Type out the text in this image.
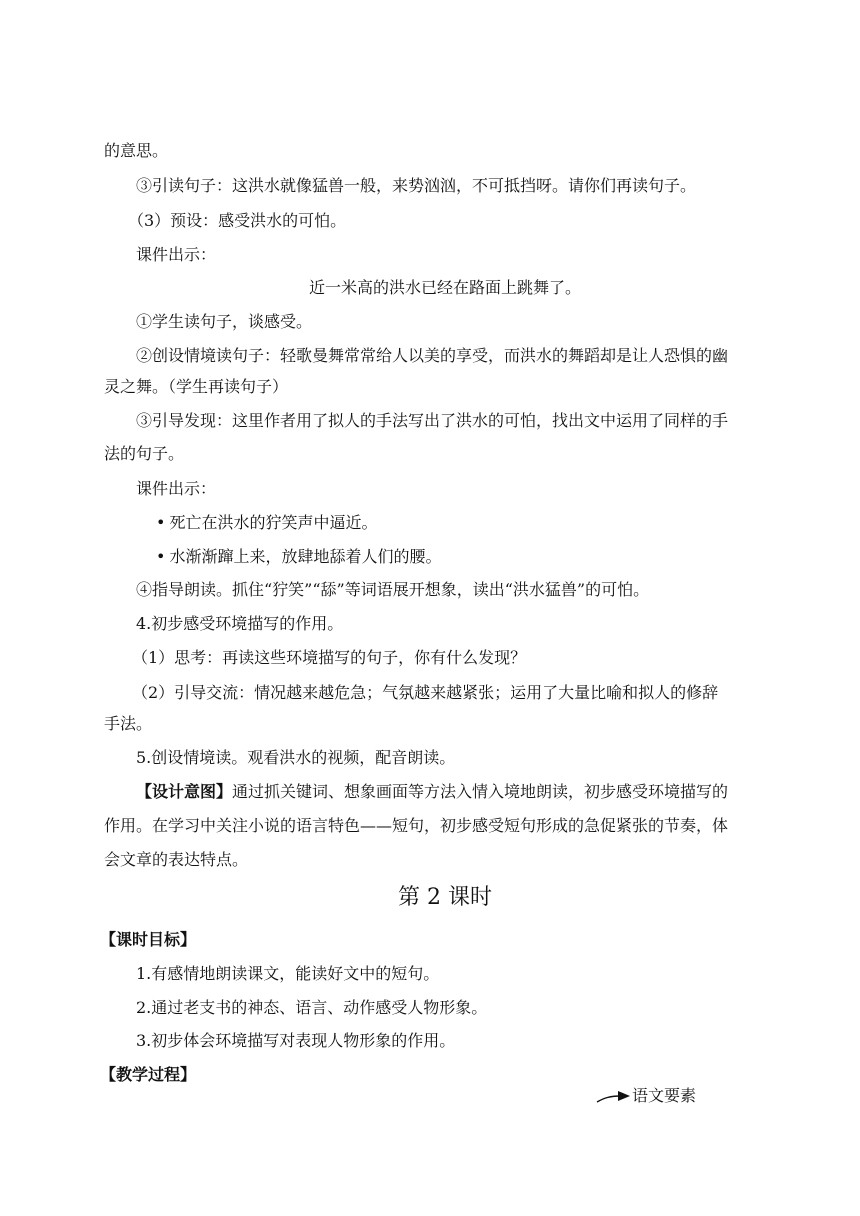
的意思。
③引读句子：这洪水就像猛兽一般，来势汹汹，不可抵挡呀。请你们再读句子。
（3）预设：感受洪水的可怕。
课件出示：
近一米高的洪水已经在路面上跳舞了。
①学生读句子，谈感受。
②创设情境读句子：轻歌曼舞常常给人以美的享受，而洪水的舞蹈却是让人恐惧的幽
灵之舞。（学生再读句子）
③引导发现：这里作者用了拟人的手法写出了洪水的可怕，找出文中运用了同样的手
法的句子。
课件出示：
• 死亡在洪水的狞笑声中逼近。
• 水渐渐蹿上来，放肆地舔着人们的腰。
④指导朗读。抓住“狞笑”“舔”等词语展开想象，读出“洪水猛兽”的可怕。
4.初步感受环境描写的作用。
（1）思考：再读这些环境描写的句子，你有什么发现？
（2）引导交流：情况越来越危急；气氛越来越紧张；运用了大量比喻和拟人的修辞
手法。
5.创设情境读。观看洪水的视频，配音朗读。
【设计意图】通过抓关键词、想象画面等方法入情入境地朗读，初步感受环境描写的
作用。在学习中关注小说的语言特色——短句，初步感受短句形成的急促紧张的节奏，体
会文章的表达特点。
第 2 课时
【课时目标】
1.有感情地朗读课文，能读好文中的短句。
2.通过老支书的神态、语言、动作感受人物形象。
3.初步体会环境描写对表现人物形象的作用。
【教学过程】
语文要素
